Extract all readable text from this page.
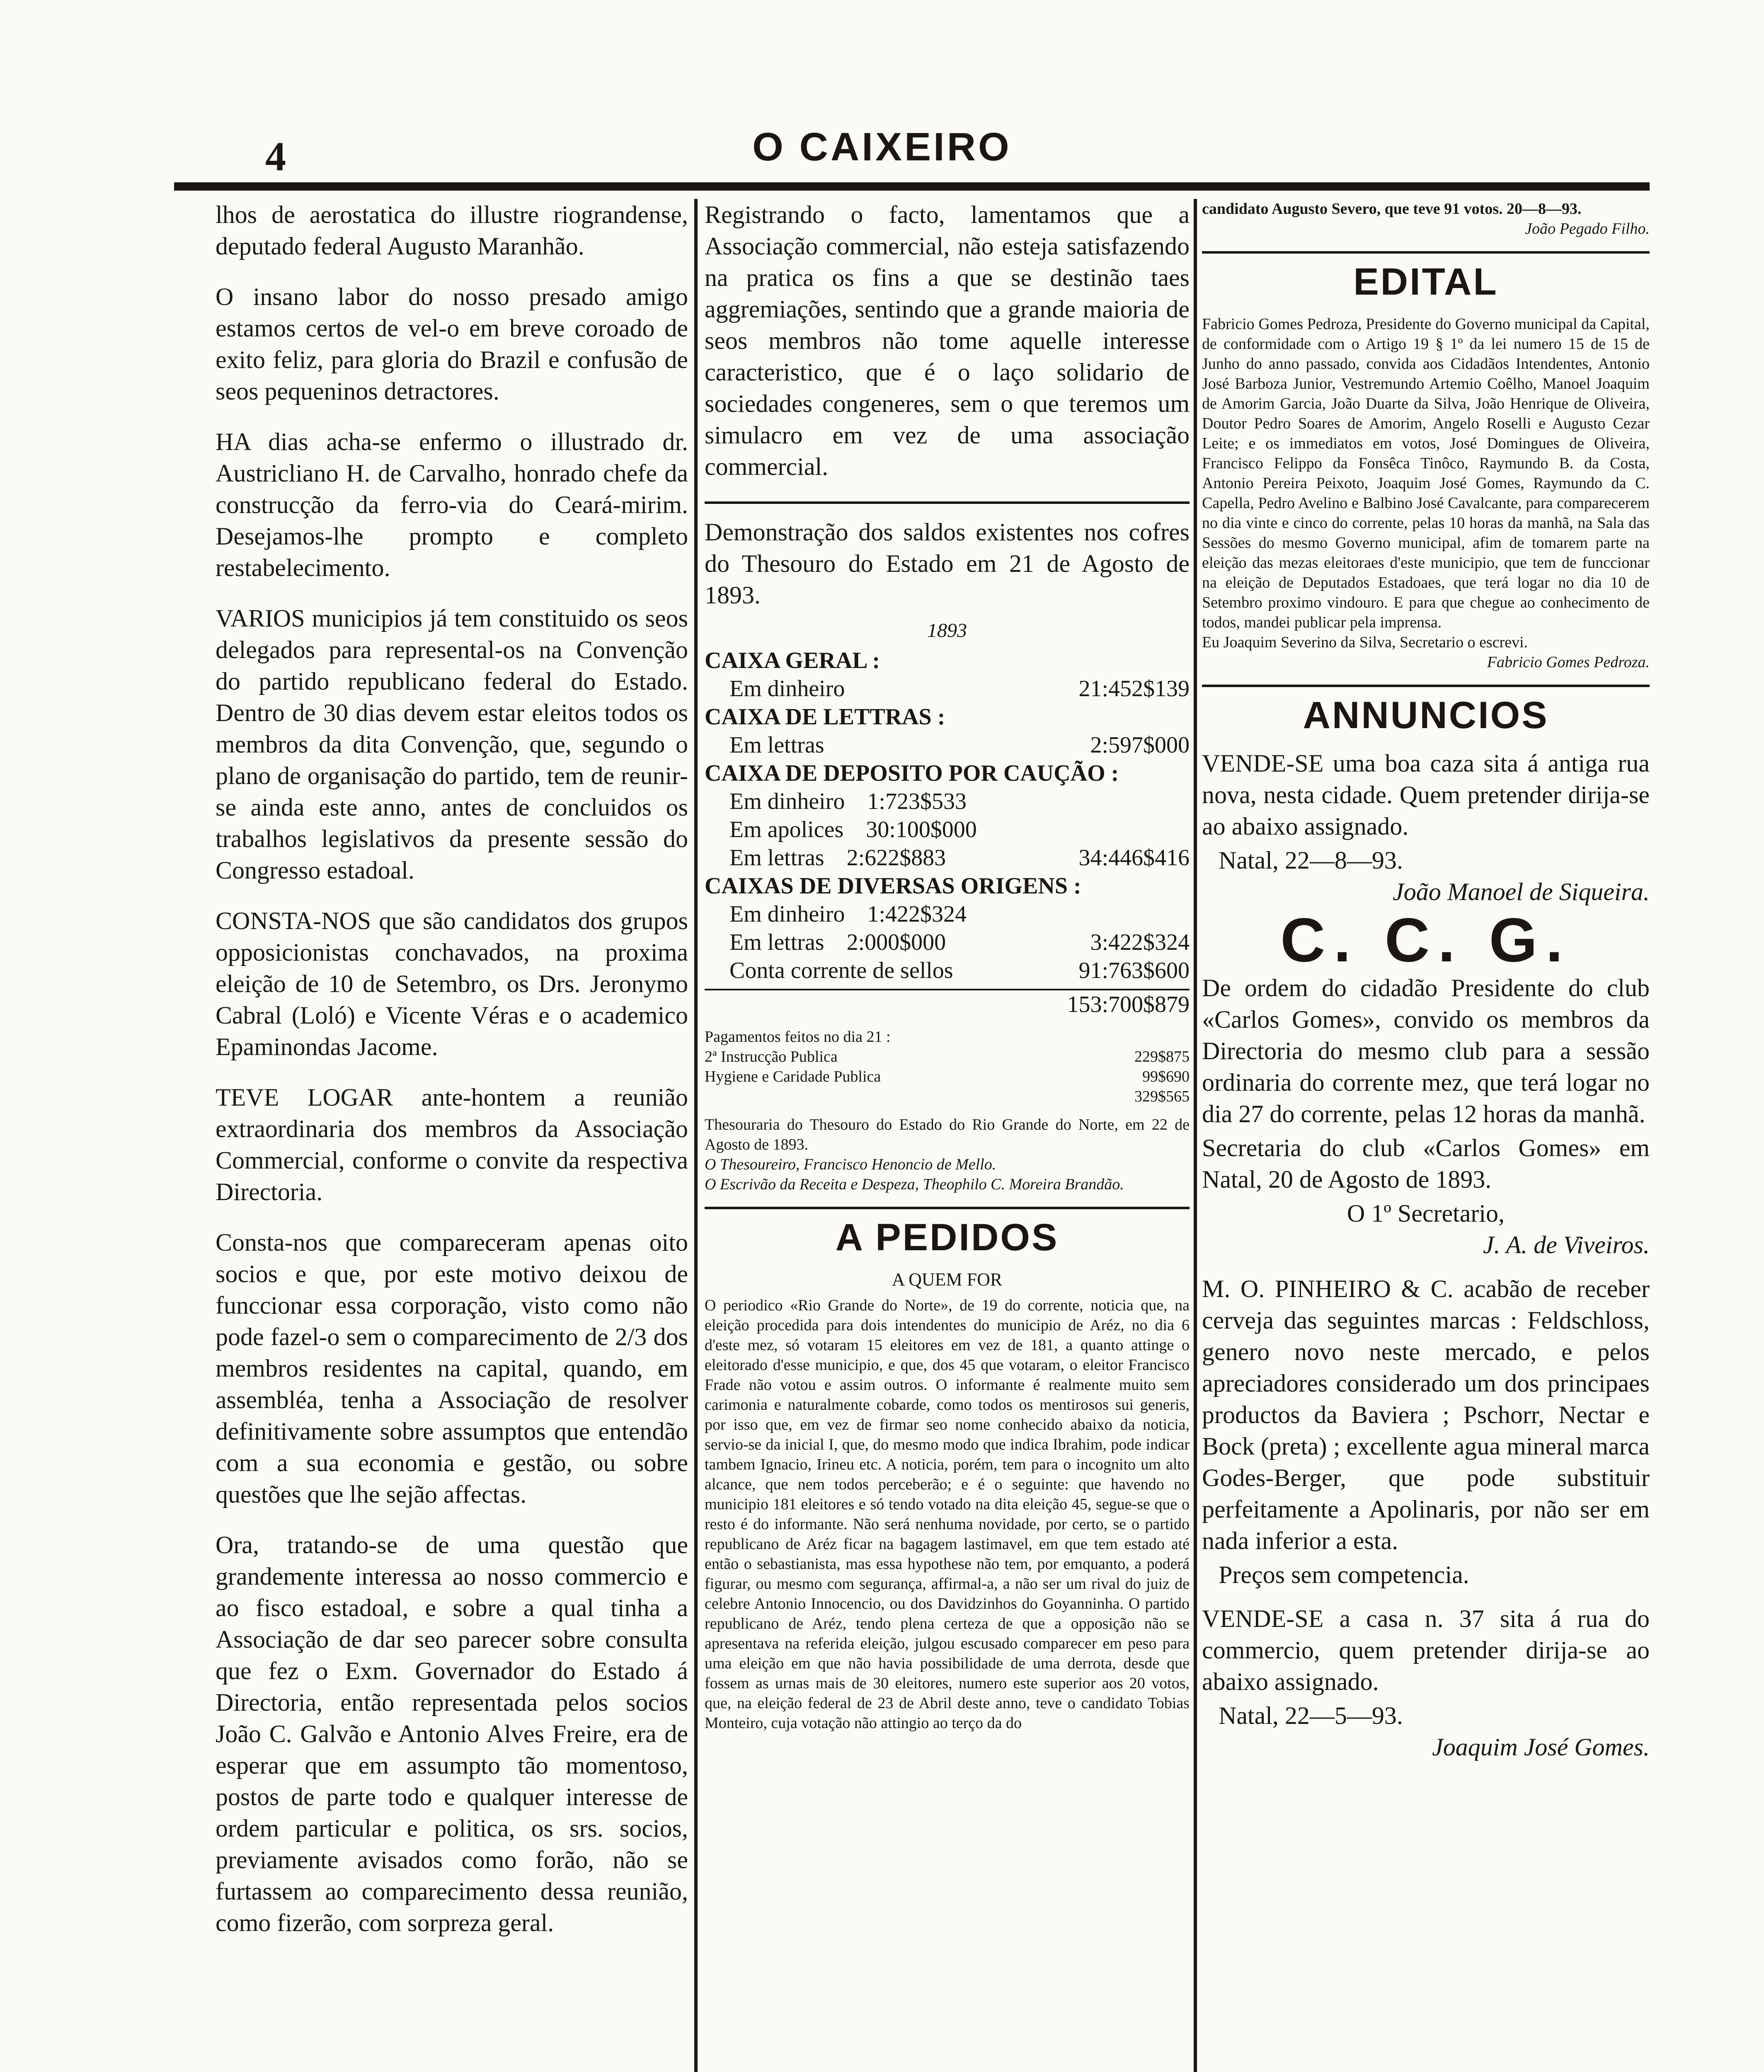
4	O CAIXEIRO

lhos de aerostatica do illustre riograndense, deputado federal Augusto Maranhão.

O insano labor do nosso presado amigo estamos certos de vel-o em breve coroado de exito feliz, para gloria do Brazil e confusão de seos pequeninos detractores.

HA dias acha-se enfermo o illustrado dr. Austricliano H. de Carvalho, honrado chefe da construcção da ferro-via do Ceará-mirim. Desejamos-lhe prompto e completo restabelecimento.

VARIOS municipios já tem constituido os seos delegados para represental-os na Convenção do partido republicano federal do Estado. Dentro de 30 dias devem estar eleitos todos os membros da dita Convenção, que, segundo o plano de organisação do partido, tem de reunir-se ainda este anno, antes de concluidos os trabalhos legislativos da presente sessão do Congresso estadoal.

CONSTA-NOS que são candidatos dos grupos opposicionistas conchavados, na proxima eleição de 10 de Setembro, os Drs. Jeronymo Cabral (Loló) e Vicente Véras e o academico Epaminondas Jacome.

TEVE LOGAR ante-hontem a reunião extraordinaria dos membros da Associação Commercial, conforme o convite da respectiva Directoria.

Consta-nos que compareceram apenas oito socios e que, por este motivo deixou de funccionar essa corporação, visto como não pode fazel-o sem o comparecimento de 2/3 dos membros residentes na capital, quando, em assembléa, tenha a Associação de resolver definitivamente sobre assumptos que entendão com a sua economia e gestão, ou sobre questões que lhe sejão affectas.

Ora, tratando-se de uma questão que grandemente interessa ao nosso commercio e ao fisco estadoal, e sobre a qual tinha a Associação de dar seo parecer sobre consulta que fez o Exm. Governador do Estado á Directoria, então representada pelos socios João C. Galvão e Antonio Alves Freire, era de esperar que em assumpto tão momentoso, postos de parte todo e qualquer interesse de ordem particular e politica, os srs. socios, previamente avisados como forão, não se furtassem ao comparecimento dessa reunião, como fizerão, com sorpreza geral.

Registrando o facto, lamentamos que a Associação commercial, não esteja satisfazendo na pratica os fins a que se destinão taes aggremiações, sentindo que a grande maioria de seos membros não tome aquelle interesse caracteristico, que é o laço solidario de sociedades congeneres, sem o que teremos um simulacro em vez de uma associação commercial.

Demonstração dos saldos existentes nos cofres do Thesouro do Estado em 21 de Agosto de 1893.

1893
CAIXA GERAL :
Em dinheiro	21:452$139
CAIXA DE LETTRAS :
Em lettras	2:597$000
CAIXA DE DEPOSITO POR CAUÇÃO :
Em dinheiro 1:723$533
Em apolices 30:100$000
Em lettras 2:622$883	34:446$416
CAIXAS DE DIVERSAS ORIGENS :
Em dinheiro 1:422$324
Em lettras 2:000$000	3:422$324
Conta corrente de sellos	91:763$600
153:700$879
Pagamentos feitos no dia 21 :
2ª Instrucção Publica	229$875
Hygiene e Caridade Publica	99$690
329$565
Thesouraria do Thesouro do Estado do Rio Grande do Norte, em 22 de Agosto de 1893.
O Thesoureiro, Francisco Henoncio de Mello.
O Escrivão da Receita e Despeza, Theophilo C. Moreira Brandão.
A PEDIDOS
A QUEM FOR
O periodico «Rio Grande do Norte», de 19 do corrente, noticia que, na eleição procedida para dois intendentes do municipio de Aréz, no dia 6 d'este mez, só votaram 15 eleitores em vez de 181, a quanto attinge o eleitorado d'esse municipio, e que, dos 45 que votaram, o eleitor Francisco Frade não votou e assim outros. O informante é realmente muito sem carimonia e naturalmente cobarde, como todos os mentirosos sui generis, por isso que, em vez de firmar seo nome conhecido abaixo da noticia, servio-se da inicial I, que, do mesmo modo que indica Ibrahim, pode indicar tambem Ignacio, Irineu etc. A noticia, porém, tem para o incognito um alto alcance, que nem todos perceberão; e é o seguinte: que havendo no municipio 181 eleitores e só tendo votado na dita eleição 45, segue-se que o resto é do informante. Não será nenhuma novidade, por certo, se o partido republicano de Aréz ficar na bagagem lastimavel, em que tem estado até então o sebastianista, mas essa hypothese não tem, por emquanto, a poderá figurar, ou mesmo com segurança, affirmal-a, a não ser um rival do juiz de celebre Antonio Innocencio, ou dos Davidzinhos do Goyanninha. O partido republicano de Aréz, tendo plena certeza de que a opposição não se apresentava na referida eleição, julgou escusado comparecer em peso para uma eleição em que não havia possibilidade de uma derrota, desde que fossem as urnas mais de 30 eleitores, numero este superior aos 20 votos, que, na eleição federal de 23 de Abril deste anno, teve o candidato Tobias Monteiro, cuja votação não attingio ao terço da do
candidato Augusto Severo, que teve 91 votos. 20—8—93.
João Pegado Filho.
EDITAL
Fabricio Gomes Pedroza, Presidente do Governo municipal da Capital, de conformidade com o Artigo 19 § 1º da lei numero 15 de 15 de Junho do anno passado, convida aos Cidadãos Intendentes, Antonio José Barboza Junior, Vestremundo Artemio Coêlho, Manoel Joaquim de Amorim Garcia, João Duarte da Silva, João Henrique de Oliveira, Doutor Pedro Soares de Amorim, Angelo Roselli e Augusto Cezar Leite; e os immediatos em votos, José Domingues de Oliveira, Francisco Felippo da Fonsêca Tinôco, Raymundo B. da Costa, Antonio Pereira Peixoto, Joaquim José Gomes, Raymundo da C. Capella, Pedro Avelino e Balbino José Cavalcante, para comparecerem no dia vinte e cinco do corrente, pelas 10 horas da manhã, na Sala das Sessões do mesmo Governo municipal, afim de tomarem parte na eleição das mezas eleitoraes d'este municipio, que tem de funccionar na eleição de Deputados Estadoaes, que terá logar no dia 10 de Setembro proximo vindouro. E para que chegue ao conhecimento de todos, mandei publicar pela imprensa.
Eu Joaquim Severino da Silva, Secretario o escrevi.
Fabricio Gomes Pedroza.
ANNUNCIOS

VENDE-SE uma boa caza sita á antiga rua nova, nesta cidade. Quem pretender dirija-se ao abaixo assignado.

Natal, 22—8—93.
João Manoel de Siqueira.
C. C. G.

De ordem do cidadão Presidente do club «Carlos Gomes», convido os membros da Directoria do mesmo club para a sessão ordinaria do corrente mez, que terá logar no dia 27 do corrente, pelas 12 horas da manhã.

Secretaria do club «Carlos Gomes» em Natal, 20 de Agosto de 1893.

O 1º Secretario,
J. A. de Viveiros.

M. O. PINHEIRO & C. acabão de receber cerveja das seguintes marcas : Feldschloss, genero novo neste mercado, e pelos apreciadores considerado um dos principaes productos da Baviera ; Pschorr, Nectar e Bock (preta) ; excellente agua mineral marca Godes-Berger, que pode substituir perfeitamente a Apolinaris, por não ser em nada inferior a esta.

Preços sem competencia.

VENDE-SE a casa n. 37 sita á rua do commercio, quem pretender dirija-se ao abaixo assignado.

Natal, 22—5—93.
Joaquim José Gomes.
